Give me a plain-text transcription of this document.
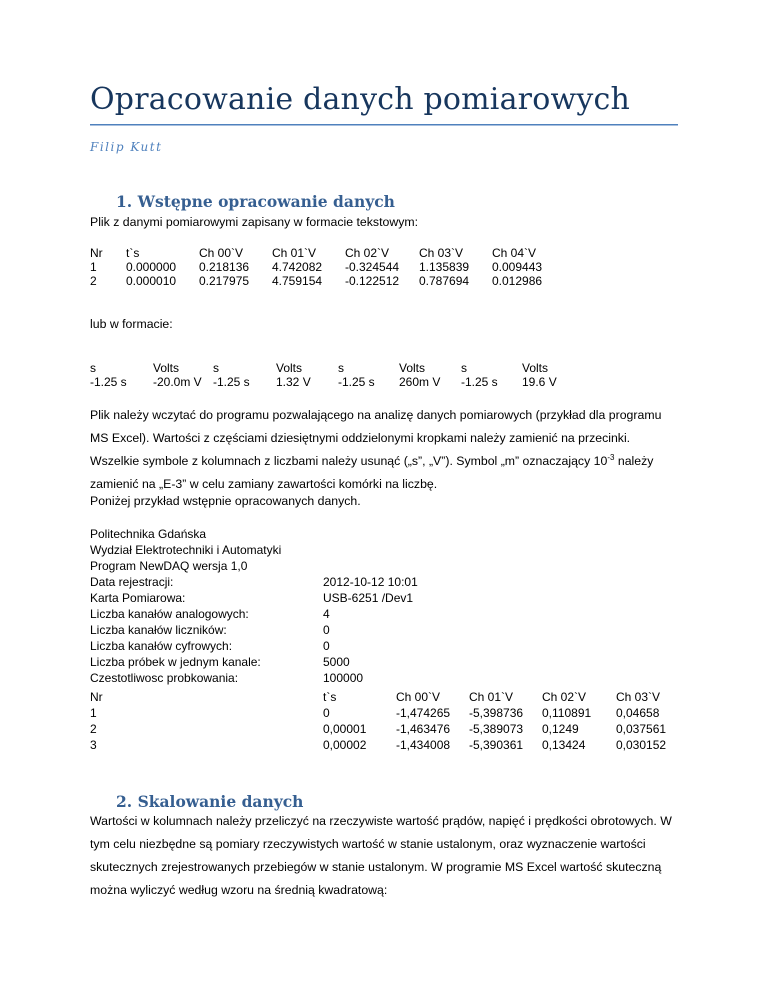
Opracowanie danych pomiarowych
Filip Kutt
1. Wstępne opracowanie danych
Plik z danymi pomiarowymi zapisany w formacie tekstowym:
Nr
1
2
t`s
0.000000
0.000010
Ch 00`V
0.218136
0.217975
Ch 01`V
4.742082
4.759154
Ch 02`V
-0.324544
-0.122512
Ch 03`V
1.135839
0.787694
Ch 04`V
0.009443
0.012986
lub w formacie:
s
-1.25 s
Volts
-20.0m V
s
-1.25 s
Volts
1.32 V
s
-1.25 s
Volts
260m V
s
-1.25 s
Volts
19.6 V
Plik należy wczytać do programu pozwalającego na analizę danych pomiarowych (przykład dla programu MS Excel). Wartości z częściami dziesiętnymi oddzielonymi kropkami należy zamienić na przecinki. Wszelkie symbole z kolumnach z liczbami należy usunąć („s”, „V”). Symbol „m” oznaczający $10^{-3}$ należy zamienić na „E-3” w celu zamiany zawartości komórki na liczbę.
Poniżej przykład wstępnie opracowanych danych.
Politechnika Gdańska
Wydział Elektrotechniki i Automatyki
Program NewDAQ wersja 1,0
Data rejestracji:
Karta Pomiarowa:
Liczba kanałów analogowych:
Liczba kanałów liczników:
Liczba kanałów cyfrowych:
Liczba próbek w jednym kanale:
Czestotliwosc probkowania:
2012-10-12 10:01
USB-6251 /Dev1
4
0
0
5000
100000
Nr
1
2
3
t`s
0
0,00001
0,00002
Ch 00`V
-1,474265
-1,463476
-1,434008
Ch 01`V
-5,398736
-5,389073
-5,390361
Ch 02`V
0,110891
0,1249
0,13424
Ch 03`V
0,04658
0,037561
0,030152
2. Skalowanie danych
Wartości w kolumnach należy przeliczyć na rzeczywiste wartość prądów, napięć i prędkości obrotowych. W tym celu niezbędne są pomiary rzeczywistych wartość w stanie ustalonym, oraz wyznaczenie wartości skutecznych zrejestrowanych przebiegów w stanie ustalonym. W programie MS Excel wartość skuteczną można wyliczyć według wzoru na średnią kwadratową:
